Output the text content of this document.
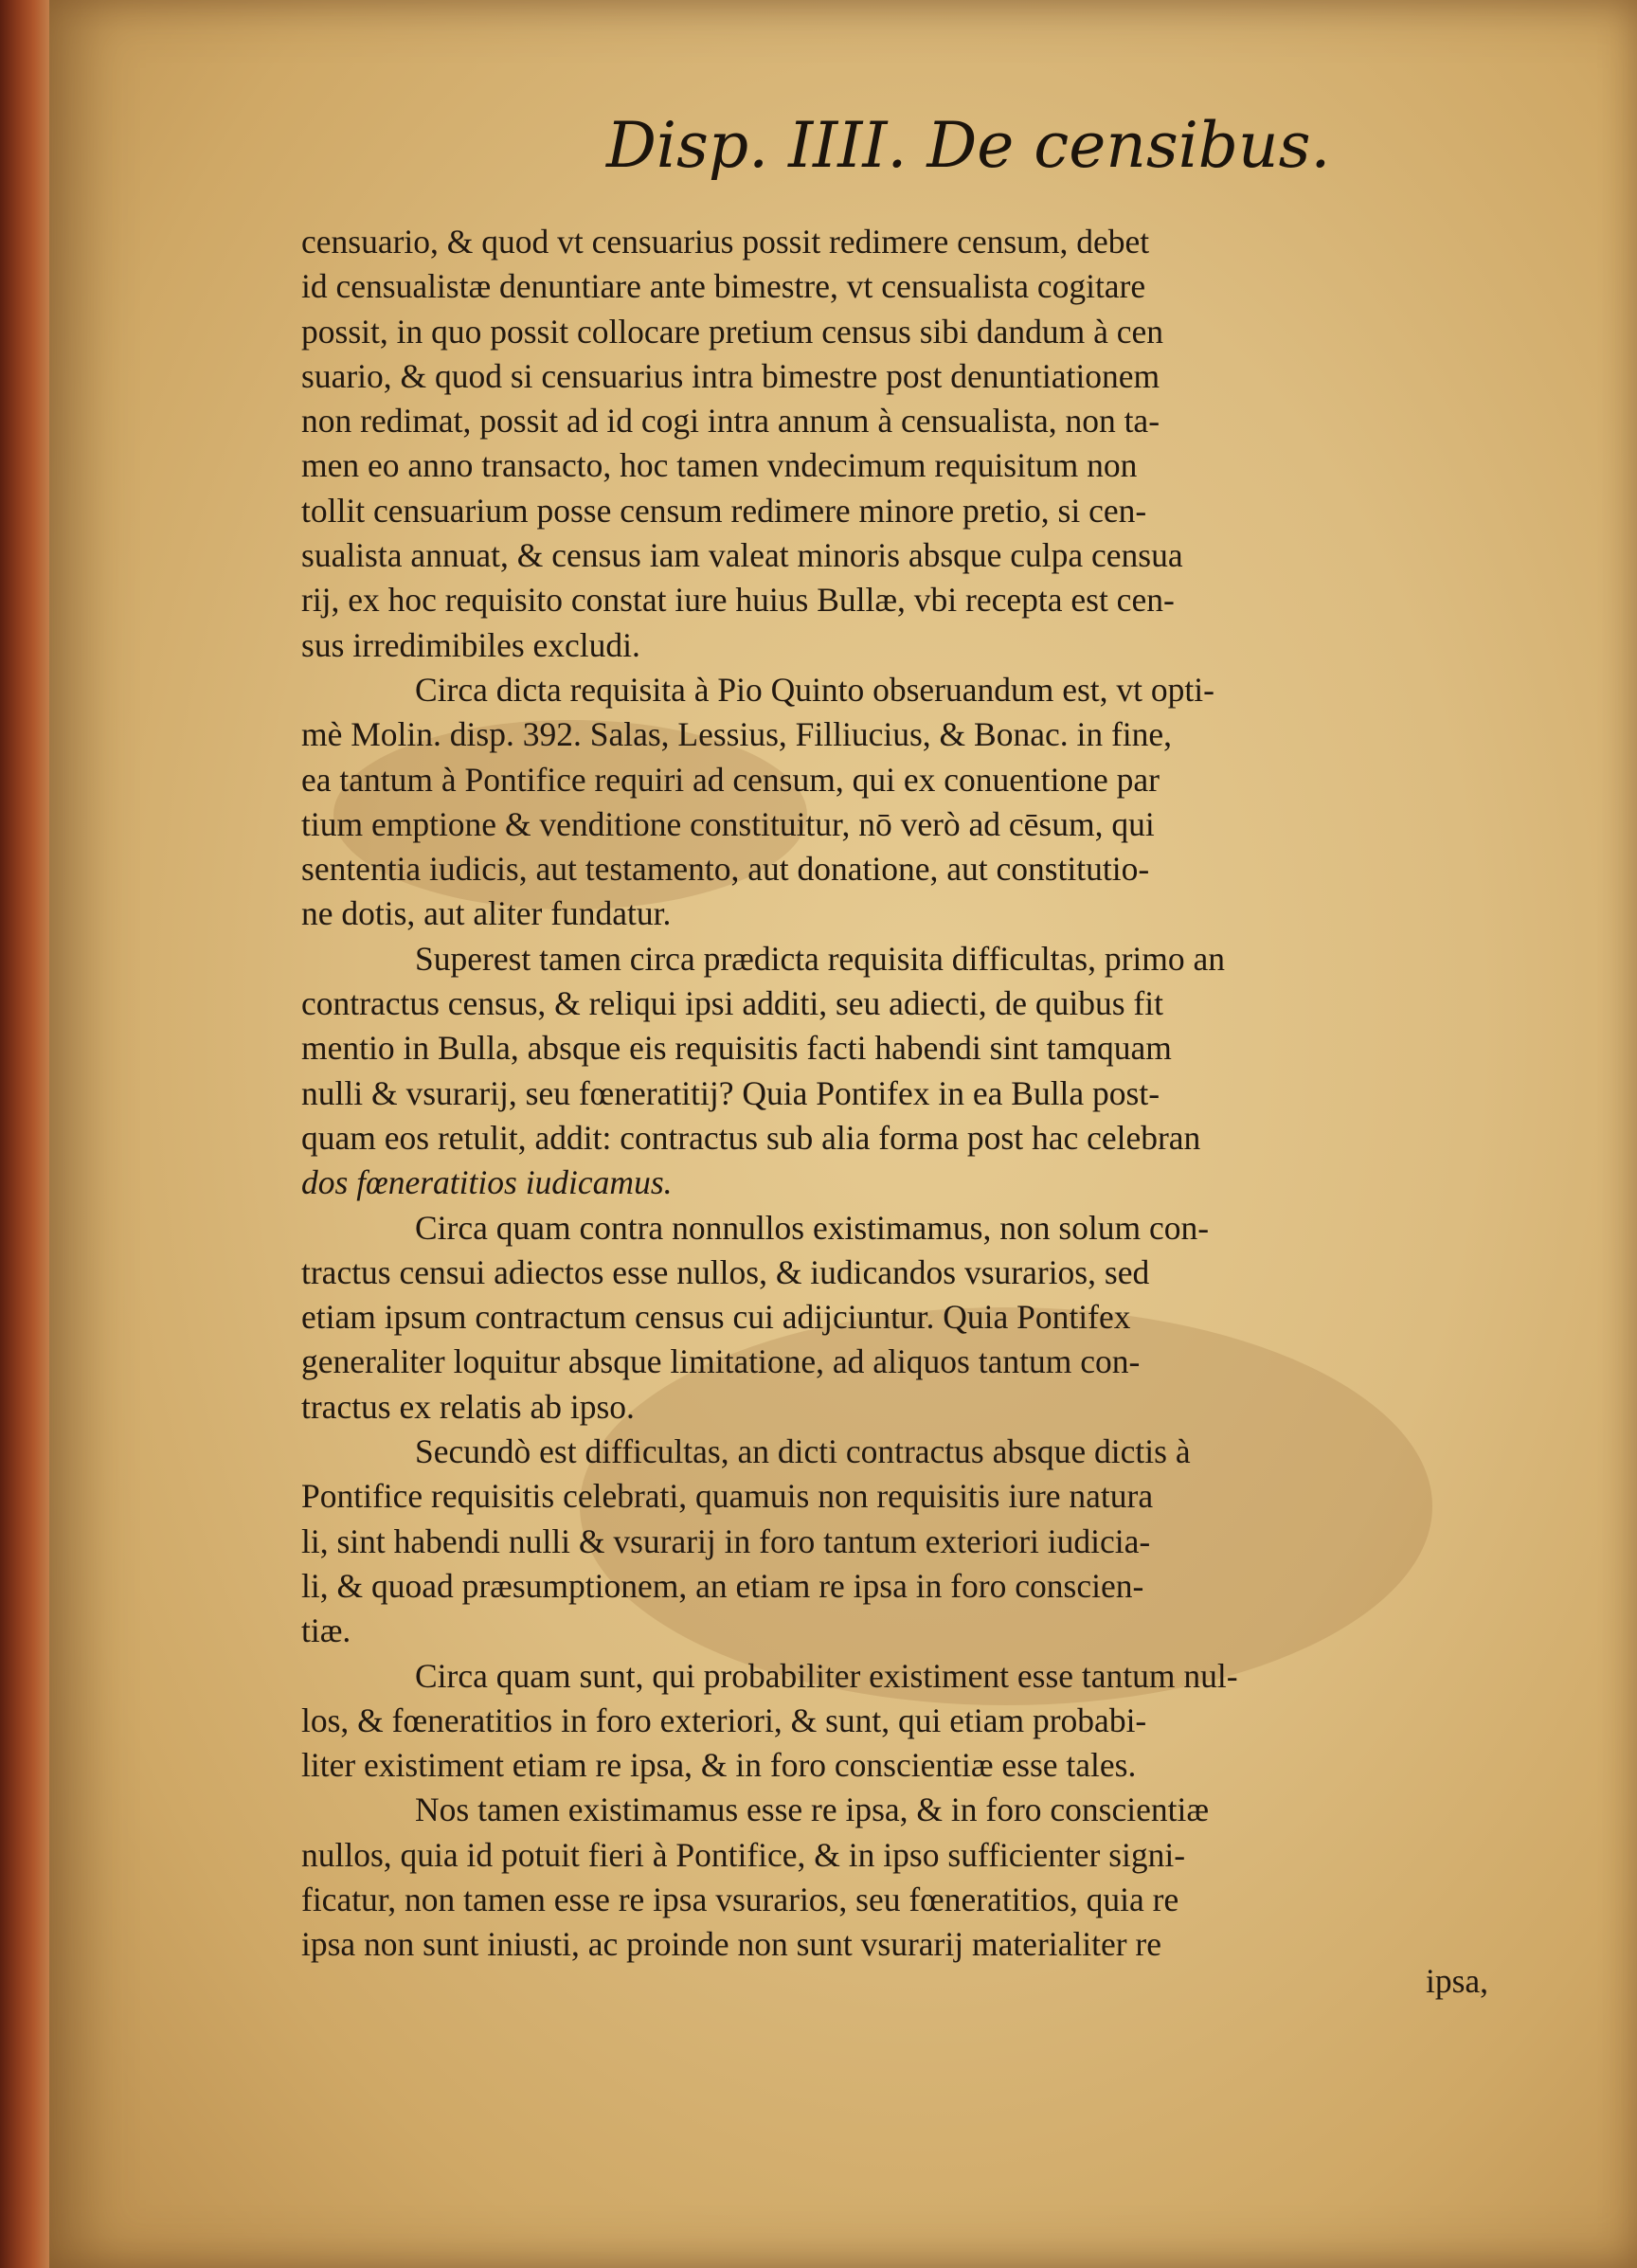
Disp. IIII. De censibus.
censuario, & quod vt censuarius possit redimere censum, debet
id censualistæ denuntiare ante bimestre, vt censualista cogitare
possit, in quo possit collocare pretium census sibi dandum à cen
suario, & quod si censuarius intra bimestre post denuntiationem
non redimat, possit ad id cogi intra annum à censualista, non ta-
men eo anno transacto, hoc tamen vndecimum requisitum non
tollit censuarium posse censum redimere minore pretio, si cen-
sualista annuat, & census iam valeat minoris absque culpa censua
rij, ex hoc requisito constat iure huius Bullæ, vbi recepta est cen-
sus irredimibiles excludi.
Circa dicta requisita à Pio Quinto obseruandum est, vt opti-
mè Molin. disp. 392. Salas, Lessius, Filliucius, & Bonac. in fine,
ea tantum à Pontifice requiri ad censum, qui ex conuentione par
tium emptione & venditione constituitur, nō verò ad cēsum, qui
sententia iudicis, aut testamento, aut donatione, aut constitutio-
ne dotis, aut aliter fundatur.
Superest tamen circa prædicta requisita difficultas, primo an
contractus census, & reliqui ipsi additi, seu adiecti, de quibus fit
mentio in Bulla, absque eis requisitis facti habendi sint tamquam
nulli & vsurarij, seu fœneratitij? Quia Pontifex in ea Bulla post-
quam eos retulit, addit: contractus sub alia forma post hac celebran
dos fœneratitios iudicamus.
Circa quam contra nonnullos existimamus, non solum con-
tractus censui adiectos esse nullos, & iudicandos vsurarios, sed
etiam ipsum contractum census cui adijciuntur. Quia Pontifex
generaliter loquitur absque limitatione, ad aliquos tantum con-
tractus ex relatis ab ipso.
Secundò est difficultas, an dicti contractus absque dictis à
Pontifice requisitis celebrati, quamuis non requisitis iure natura
li, sint habendi nulli & vsurarij in foro tantum exteriori iudicia-
li, & quoad præsumptionem, an etiam re ipsa in foro conscien-
tiæ.
Circa quam sunt, qui probabiliter existiment esse tantum nul-
los, & fœneratitios in foro exteriori, & sunt, qui etiam probabi-
liter existiment etiam re ipsa, & in foro conscientiæ esse tales.
Nos tamen existimamus esse re ipsa, & in foro conscientiæ
nullos, quia id potuit fieri à Pontifice, & in ipso sufficienter signi-
ficatur, non tamen esse re ipsa vsurarios, seu fœneratitios, quia re
ipsa non sunt iniusti, ac proinde non sunt vsurarij materialiter re
ipsa,
